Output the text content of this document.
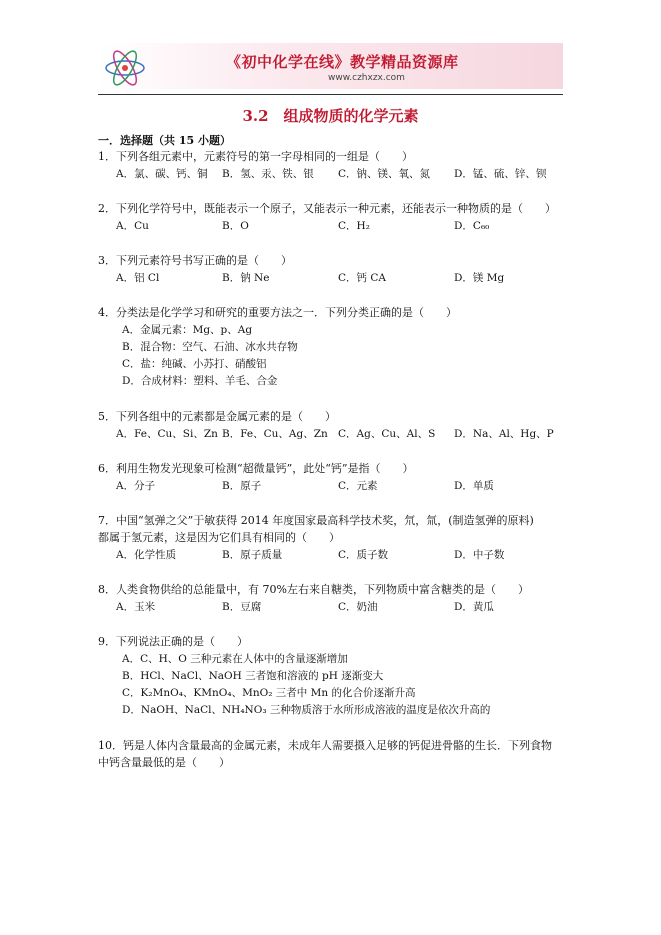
《初中化学在线》教学精品资源库
www.czhxzx.com
3.2　组成物质的化学元素
一．选择题（共 15 小题）
1．下列各组元素中，元素符号的第一字母相同的一组是（　　）
A．氯、碳、钙、铜 B．氢、汞、铁、银 C．钠、镁、氧、氮 D．锰、硫、锌、钡
2．下列化学符号中，既能表示一个原子，又能表示一种元素，还能表示一种物质的是（　　）
A．Cu	B．O	C．H₂	D．C₆₀
3．下列元素符号书写正确的是（　　）
A．铝 Cl	B．钠 Ne	C．钙 CA	D．镁 Mg
4．分类法是化学学习和研究的重要方法之一．下列分类正确的是（　　）
A．金属元素：Mg、p、Ag
B．混合物：空气、石油、冰水共存物
C．盐：纯碱、小苏打、硝酸铝
D．合成材料：塑料、羊毛、合金
5．下列各组中的元素都是金属元素的是（　　）
A．Fe、Cu、Si、Zn B．Fe、Cu、Ag、Zn C．Ag、Cu、Al、S D．Na、Al、Hg、P
6．利用生物发光现象可检测“超微量钙”，此处“钙”是指（　　）
A．分子	B．原子	C．元素	D．单质
7．中国“氢弹之父”于敏获得 2014 年度国家最高科学技术奖，氘，氚，(制造氢弹的原料)
都属于氢元素，这是因为它们具有相同的（　　）
A．化学性质	B．原子质量	C．质子数	D．中子数
8．人类食物供给的总能量中，有 70%左右来自糖类，下列物质中富含糖类的是（　　）
A．玉米	B．豆腐	C．奶油	D．黄瓜
9．下列说法正确的是（　　）
A．C、H、O 三种元素在人体中的含量逐渐增加
B．HCl、NaCl、NaOH 三者饱和溶液的 pH 逐渐变大
C．K₂MnO₄、KMnO₄、MnO₂ 三者中 Mn 的化合价逐渐升高
D．NaOH、NaCl、NH₄NO₃ 三种物质溶于水所形成溶液的温度是依次升高的
10．钙是人体内含量最高的金属元素，未成年人需要摄入足够的钙促进骨骼的生长．下列食物
中钙含量最低的是（　　）
